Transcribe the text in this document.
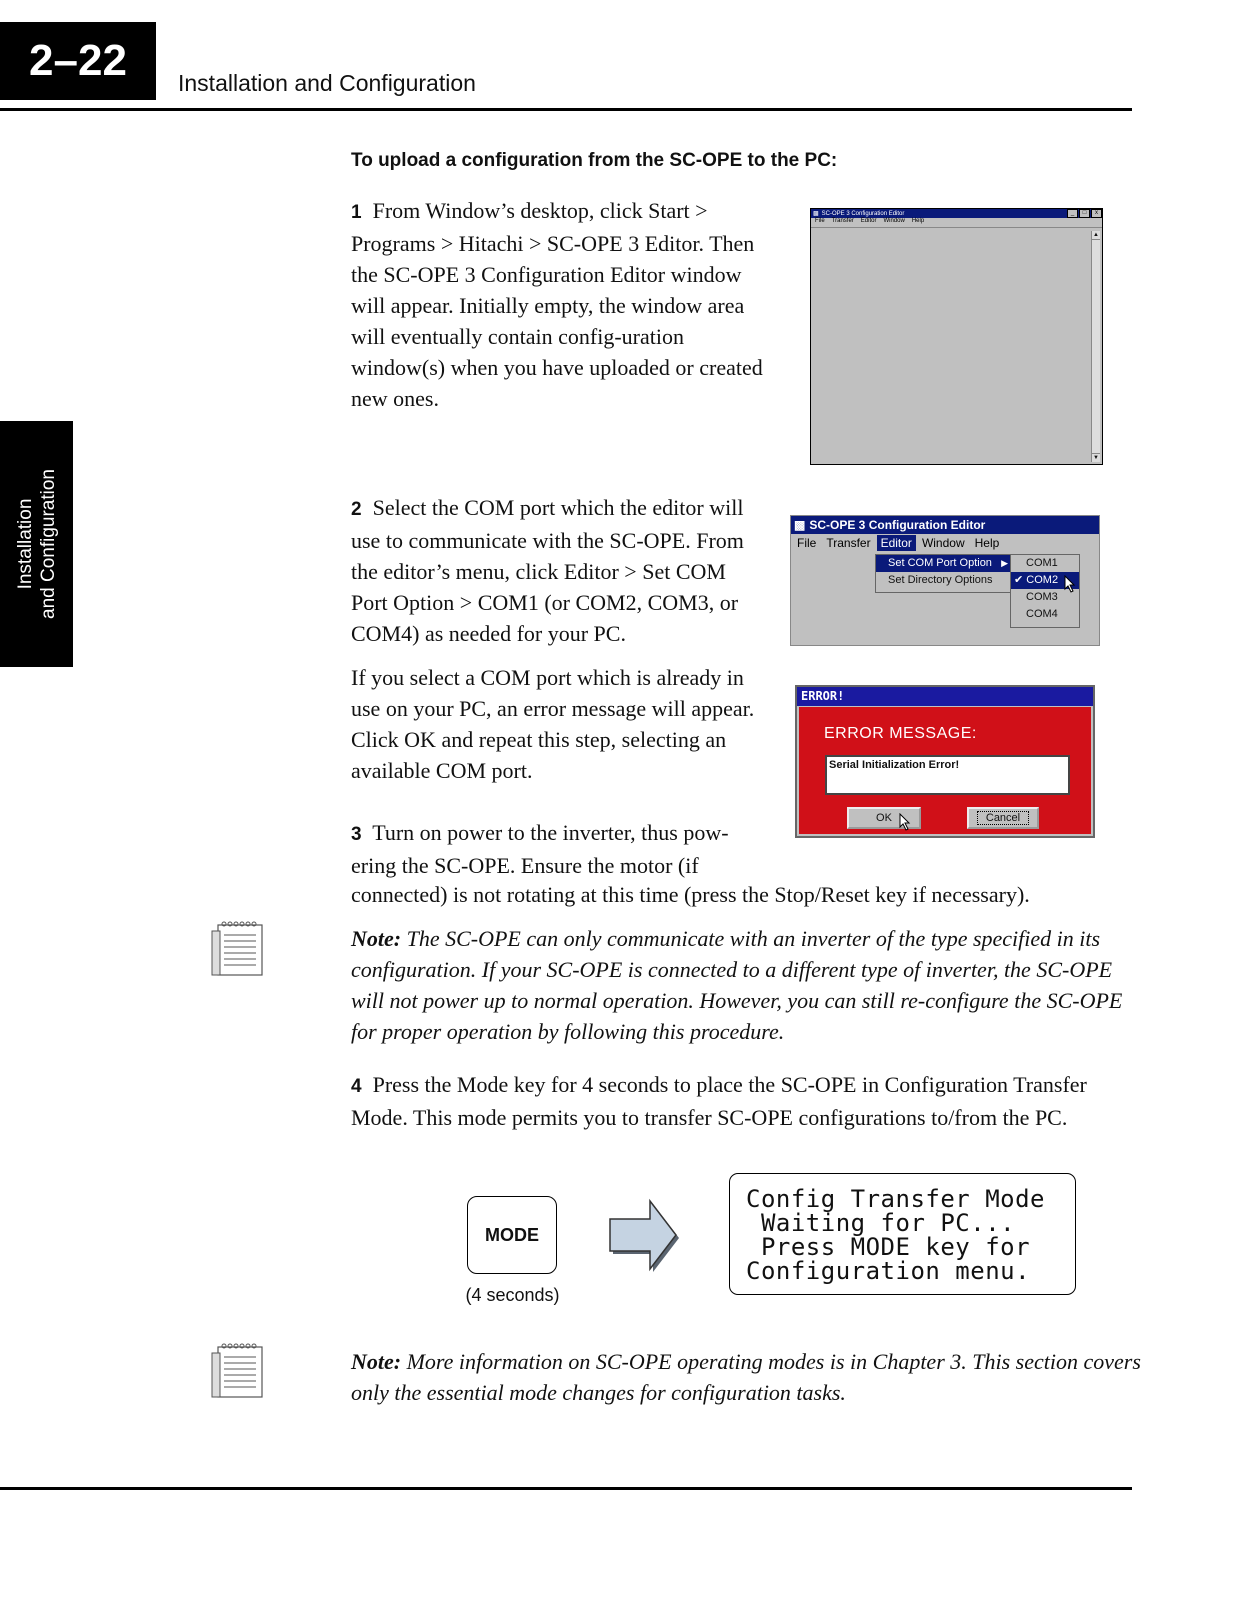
2–22	Installation and Configuration
Installation and Configuration
To upload a configuration from the SC-OPE to the PC:
1 From Window’s desktop, click Start > Programs > Hitachi > SC-OPE 3 Editor. Then the SC-OPE 3 Configuration Editor window will appear. Initially empty, the window area will eventually contain config-uration window(s) when you have uploaded or created new ones.
▩ SC-OPE 3 Configuration Editor	_	□	x
File Transfer Editor Window Help
▲
▼
2 Select the COM port which the editor will use to communicate with the SC-OPE. From the editor’s menu, click Editor > Set COM Port Option > COM1 (or COM2, COM3, or COM4) as needed for your PC.
▩ SC-OPE 3 Configuration Editor
File Transfer Editor Window Help
Set COM Port Option ▶
Set Directory Options
COM1
✔ COM2
COM3
COM4
If you select a COM port which is already in use on your PC, an error message will appear. Click OK and repeat this step, selecting an available COM port.
ERROR!
ERROR MESSAGE:
Serial Initialization Error!
OK	Cancel
3 Turn on power to the inverter, thus pow-ering the SC-OPE. Ensure the motor (if
connected) is not rotating at this time (press the Stop/Reset key if necessary).
Note: The SC-OPE can only communicate with an inverter of the type specified in its configuration. If your SC-OPE is connected to a different type of inverter, the SC-OPE will not power up to normal operation. However, you can still re-configure the SC-OPE for proper operation by following this procedure.
4 Press the Mode key for 4 seconds to place the SC-OPE in Configuration Transfer Mode. This mode permits you to transfer SC-OPE configurations to/from the PC.
MODE
(4 seconds)
Config Transfer Mode
Waiting for PC...
Press MODE key for
Configuration menu.
Note: More information on SC-OPE operating modes is in Chapter 3. This section covers only the essential mode changes for configuration tasks.
